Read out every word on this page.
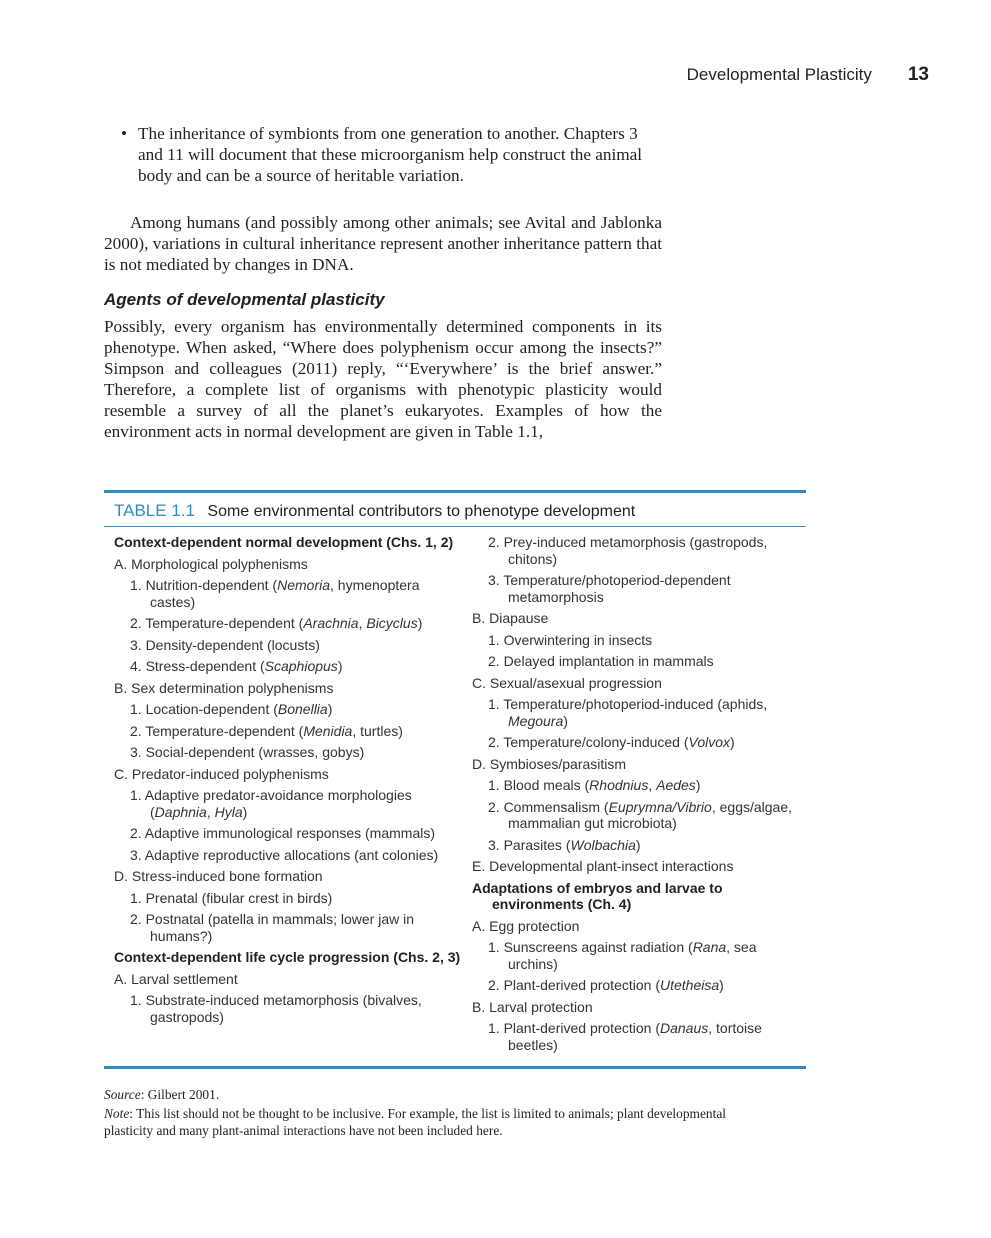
Developmental Plasticity 13
• The inheritance of symbionts from one generation to another. Chapters 3 and 11 will document that these microorganism help construct the animal body and can be a source of heritable variation.

Among humans (and possibly among other animals; see Avital and Jablonka 2000), variations in cultural inheritance represent another inheritance pattern that is not mediated by changes in DNA.

Agents of developmental plasticity

Possibly, every organism has environmentally determined components in its phenotype. When asked, “Where does polyphenism occur among the insects?” Simpson and colleagues (2011) reply, “‘Everywhere’ is the brief answer.” Therefore, a complete list of organisms with phenotypic plasticity would resemble a survey of all the planet’s eukaryotes. Examples of how the environment acts in normal development are given in Table 1.1,

TABLE 1.1 Some environmental contributors to phenotype development
Context-dependent normal development (Chs. 1, 2)
A. Morphological polyphenisms
1. Nutrition-dependent (Nemoria, hymenoptera castes)
2. Temperature-dependent (Arachnia, Bicyclus)
3. Density-dependent (locusts)
4. Stress-dependent (Scaphiopus)
B. Sex determination polyphenisms
1. Location-dependent (Bonellia)
2. Temperature-dependent (Menidia, turtles)
3. Social-dependent (wrasses, gobys)
C. Predator-induced polyphenisms
1. Adaptive predator-avoidance morphologies (Daphnia, Hyla)
2. Adaptive immunological responses (mammals)
3. Adaptive reproductive allocations (ant colonies)
D. Stress-induced bone formation
1. Prenatal (fibular crest in birds)
2. Postnatal (patella in mammals; lower jaw in humans?)
Context-dependent life cycle progression (Chs. 2, 3)
A. Larval settlement
1. Substrate-induced metamorphosis (bivalves, gastropods)
2. Prey-induced metamorphosis (gastropods, chitons)
3. Temperature/photoperiod-dependent metamorphosis
B. Diapause
1. Overwintering in insects
2. Delayed implantation in mammals
C. Sexual/asexual progression
1. Temperature/photoperiod-induced (aphids, Megoura)
2. Temperature/colony-induced (Volvox)
D. Symbioses/parasitism
1. Blood meals (Rhodnius, Aedes)
2. Commensalism (Euprymna/Vibrio, eggs/algae, mammalian gut microbiota)
3. Parasites (Wolbachia)
E. Developmental plant-insect interactions
Adaptations of embryos and larvae to environments (Ch. 4)
A. Egg protection
1. Sunscreens against radiation (Rana, sea urchins)
2. Plant-derived protection (Utetheisa)
B. Larval protection
1. Plant-derived protection (Danaus, tortoise beetles)

Source: Gilbert 2001.

Note: This list should not be thought to be inclusive. For example, the list is limited to animals; plant developmental plasticity and many plant-animal interactions have not been included here.
